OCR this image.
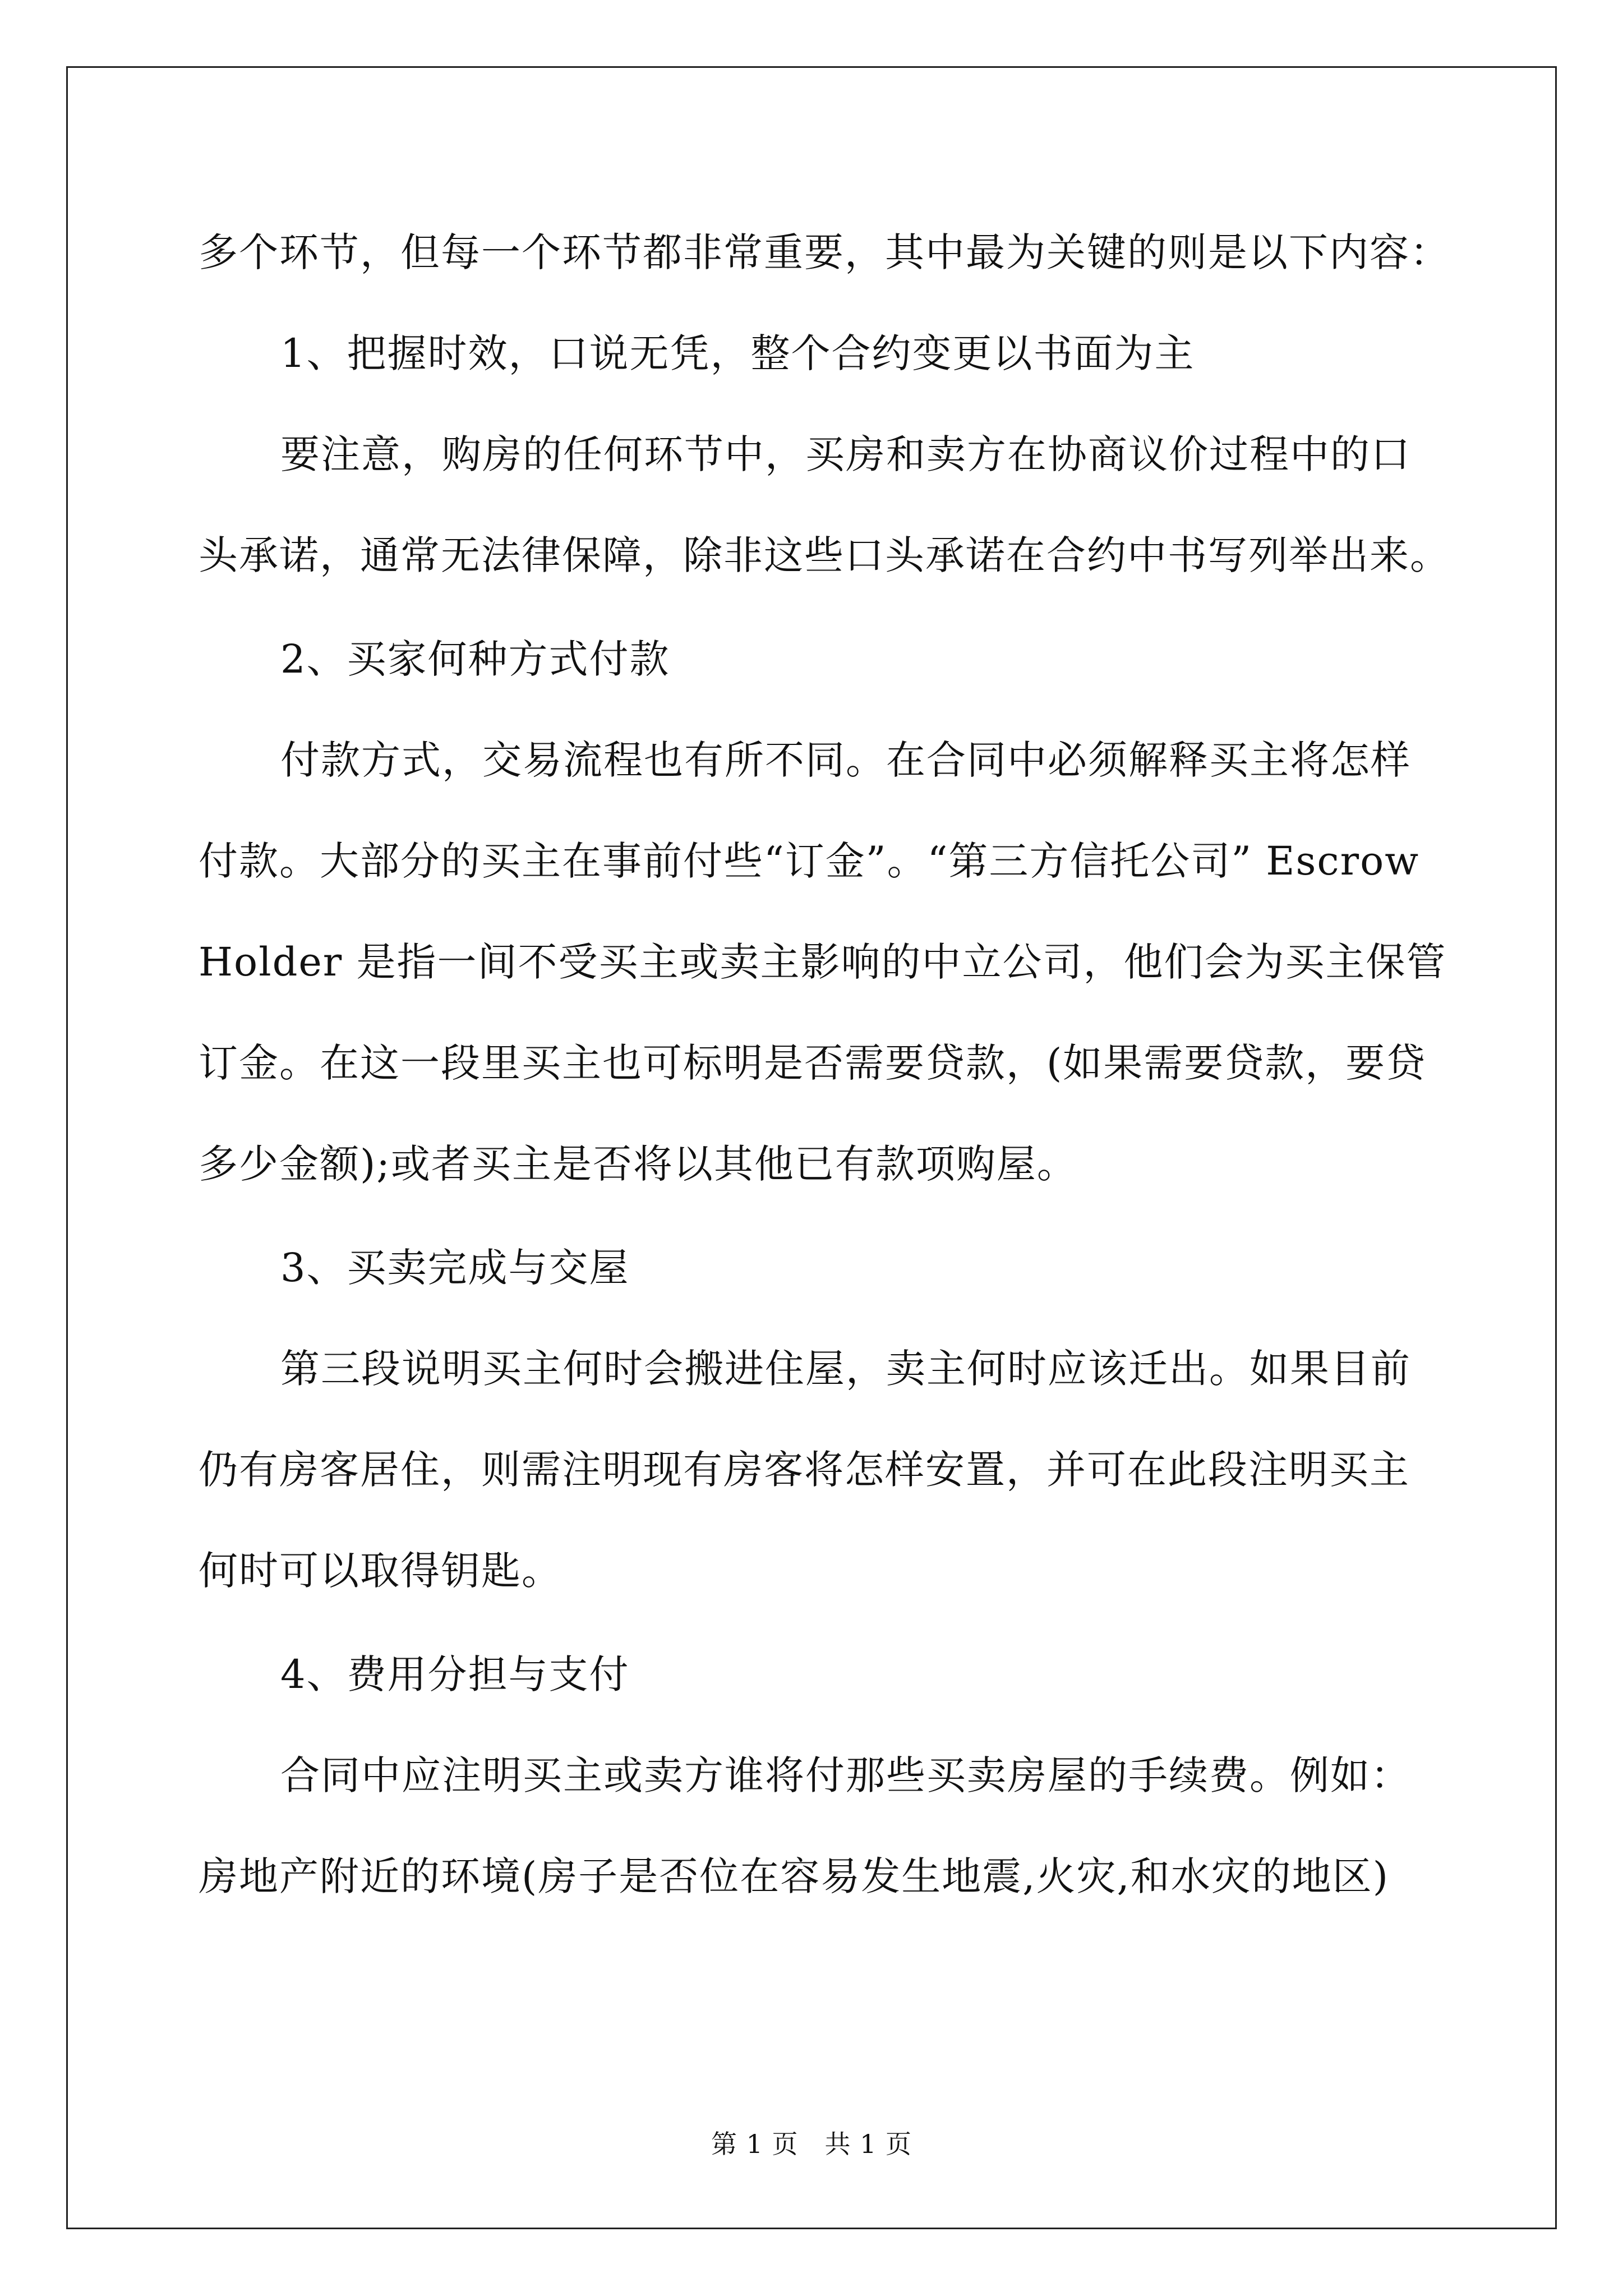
多个环节，但每一个环节都非常重要，其中最为关键的则是以下内容：
1、把握时效，口说无凭，整个合约变更以书面为主
要注意，购房的任何环节中，买房和卖方在协商议价过程中的口
头承诺，通常无法律保障，除非这些口头承诺在合约中书写列举出来。
2、买家何种方式付款
付款方式，交易流程也有所不同。在合同中必须解释买主将怎样
付款。大部分的买主在事前付些“订金”。“第三方信托公司” Escrow
Holder 是指一间不受买主或卖主影响的中立公司，他们会为买主保管
订金。在这一段里买主也可标明是否需要贷款，(如果需要贷款，要贷
多少金额);或者买主是否将以其他已有款项购屋。
3、买卖完成与交屋
第三段说明买主何时会搬进住屋，卖主何时应该迁出。如果目前
仍有房客居住，则需注明现有房客将怎样安置，并可在此段注明买主
何时可以取得钥匙。
4、费用分担与支付
合同中应注明买主或卖方谁将付那些买卖房屋的手续费。例如：
房地产附近的环境(房子是否位在容易发生地震,火灾,和水灾的地区)
第 1 页　共 1 页
